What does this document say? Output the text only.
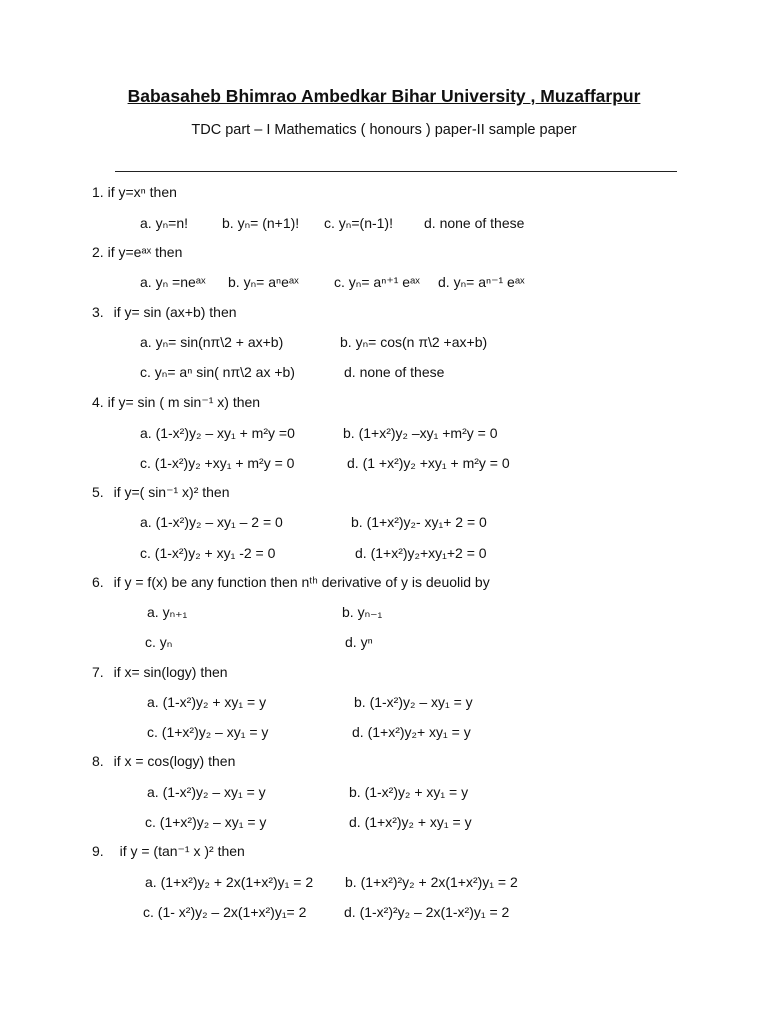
Babasaheb Bhimrao Ambedkar Bihar University , Muzaffarpur
TDC part – I Mathematics ( honours ) paper-II sample paper
1. if y=xⁿ then
a. yₙ=n! b. yₙ= (n+1)! c. yₙ=(n-1)! d. none of these
2. if y=eᵃˣ then
a. yₙ =neᵃˣ b. yₙ= aⁿeᵃˣ	c. yₙ= aⁿ⁺¹ eᵃˣ d. yₙ= aⁿ⁻¹ eᵃˣ
3. if y= sin (ax+b) then
a. yₙ= sin(nπ\2 + ax+b)	b. yₙ= cos(n π\2 +ax+b)
c. yₙ= aⁿ sin( nπ\2 ax +b)	d. none of these
4. if y= sin ( m sin⁻¹ x) then
a. (1-x²)y₂ – xy₁ + m²y =0	b. (1+x²)y₂ –xy₁ +m²y = 0
c. (1-x²)y₂ +xy₁ + m²y = 0	d. (1 +x²)y₂ +xy₁ + m²y = 0
5. if y=( sin⁻¹ x)² then
a. (1-x²)y₂ – xy₁ – 2 = 0	b. (1+x²)y₂- xy₁+ 2 = 0
c. (1-x²)y₂ + xy₁ -2 = 0	d. (1+x²)y₂+xy₁+2 = 0
6. if y = f(x) be any function then nᵗʰ derivative of y is deuolid by
a. yₙ₊₁	b. yₙ₋₁
c. yₙ	d. yⁿ
7. if x= sin(logy) then
a. (1-x²)y₂ + xy₁ = y	b. (1-x²)y₂ – xy₁ = y
c. (1+x²)y₂ – xy₁ = y	d. (1+x²)y₂+ xy₁ = y
8. if x = cos(logy) then
a. (1-x²)y₂ – xy₁ = y	b. (1-x²)y₂ + xy₁ = y
c. (1+x²)y₂ – xy₁ = y	d. (1+x²)y₂ + xy₁ = y
9. if y = (tan⁻¹ x )² then
a. (1+x²)y₂ + 2x(1+x²)y₁ = 2 b. (1+x²)²y₂ + 2x(1+x²)y₁ = 2
c. (1- x²)y₂ – 2x(1+x²)y₁= 2	d. (1-x²)²y₂ – 2x(1-x²)y₁ = 2
